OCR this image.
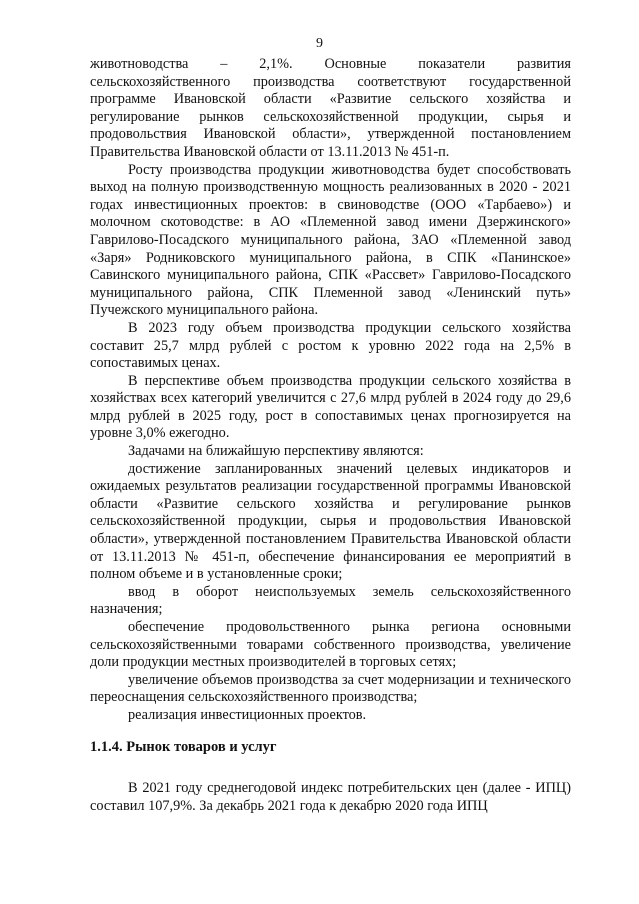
9

животноводства – 2,1%. Основные показатели развития сельскохозяйственного производства соответствуют государственной программе Ивановской области «Развитие сельского хозяйства и регулирование рынков сельскохозяйственной продукции, сырья и продовольствия Ивановской области», утвержденной постановлением Правительства Ивановской области от 13.11.2013 № 451-п.

Росту производства продукции животноводства будет способствовать выход на полную производственную мощность реализованных в 2020 - 2021 годах инвестиционных проектов: в свиноводстве (ООО «Тарбаево») и молочном скотоводстве: в АО «Племенной завод имени Дзержинского» Гаврилово-Посадского муниципального района, ЗАО «Племенной завод «Заря» Родниковского муниципального района, в СПК «Панинское» Савинского муниципального района, СПК «Рассвет» Гаврилово-Посадского муниципального района, СПК Племенной завод «Ленинский путь» Пучежского муниципального района.

В 2023 году объем производства продукции сельского хозяйства составит 25,7 млрд рублей с ростом к уровню 2022 года на 2,5% в сопоставимых ценах.

В перспективе объем производства продукции сельского хозяйства в хозяйствах всех категорий увеличится с 27,6 млрд рублей в 2024 году до 29,6 млрд рублей в 2025 году, рост в сопоставимых ценах прогнозируется на уровне 3,0% ежегодно.

Задачами на ближайшую перспективу являются:

достижение запланированных значений целевых индикаторов и ожидаемых результатов реализации государственной программы Ивановской области «Развитие сельского хозяйства и регулирование рынков сельскохозяйственной продукции, сырья и продовольствия Ивановской области», утвержденной постановлением Правительства Ивановской области от 13.11.2013 № 451-п, обеспечение финансирования ее мероприятий в полном объеме и в установленные сроки;

ввод в оборот неиспользуемых земель сельскохозяйственного назначения;

обеспечение продовольственного рынка региона основными сельскохозяйственными товарами собственного производства, увеличение доли продукции местных производителей в торговых сетях;

увеличение объемов производства за счет модернизации и технического переоснащения сельскохозяйственного производства;

реализация инвестиционных проектов.

1.1.4. Рынок товаров и услуг

В 2021 году среднегодовой индекс потребительских цен (далее - ИПЦ) составил 107,9%. За декабрь 2021 года к декабрю 2020 года ИПЦ
